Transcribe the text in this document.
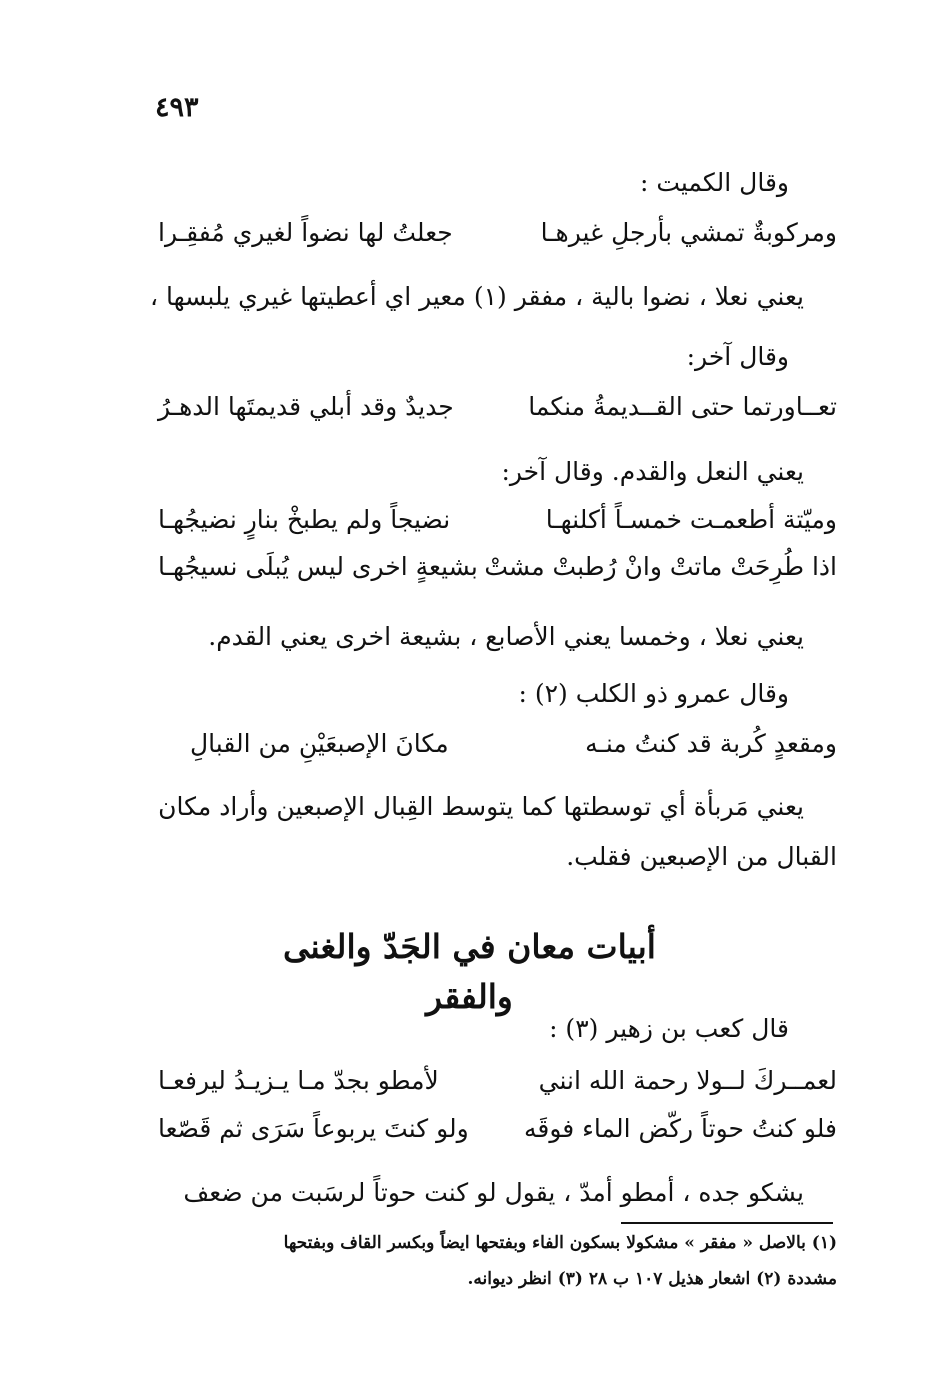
٤٩٣
وقال الكميت :
ومركوبةٌ تمشي بأرجلِ غيرهـا
جعلتُ لها نضواً لغيري مُفقِـرا
يعني نعلا ، نضوا بالية ، مفقر (١) معير اي أعطيتها غيري يلبسها ،
وقال آخر:
تعــاورتما حتى القــديمةُ منكما
جديدٌ وقد أبلي قديمتَها الدهـرُ
يعني النعل والقدم. وقال آخر:
وميّتة أطعمـت خمسـاً أكلنهـا
نضيجاً ولم يطبخْ بنارٍ نضيجُهـا
اذا طُرِحَتْ ماتتْ وانْ رُطبتْ مشتْ
بشيعةٍ اخرى ليس يُبلَى نسيجُهـا
يعني نعلا ، وخمسا يعني الأصابع ، بشيعة اخرى يعني القدم.
وقال عمرو ذو الكلب (٢) :
ومقعدٍ كُربة قد كنتُ منـه
مكانَ الإصبعَيْنِ من القبالِ
يعني مَربأة أي توسطتها كما يتوسط القِبال الإصبعين وأراد مكان
القبال من الإصبعين فقلب.
أبيات معان في الجَدّ والغنى والفقر
قال كعب بن زهير (٣) :
لعمــركَ لــولا رحمة الله انني
لأمطو بجدّ مـا يـزيـدُ ليرفعـا
فلو كنتُ حوتاً ركّض الماء فوقَه
ولو كنتَ يربوعاً سَرَى ثم قَصّعا
يشكو جده ، أمطو أمدّ ، يقول لو كنت حوتاً لرسَبت من ضعف
(١) بالاصل « مفقر » مشكولا بسكون الفاء وبفتحها ايضاً وبكسر القاف وبفتحها
مشددة (٢) اشعار هذيل ١٠٧ ب ٢٨ (٣) انظر ديوانه.
